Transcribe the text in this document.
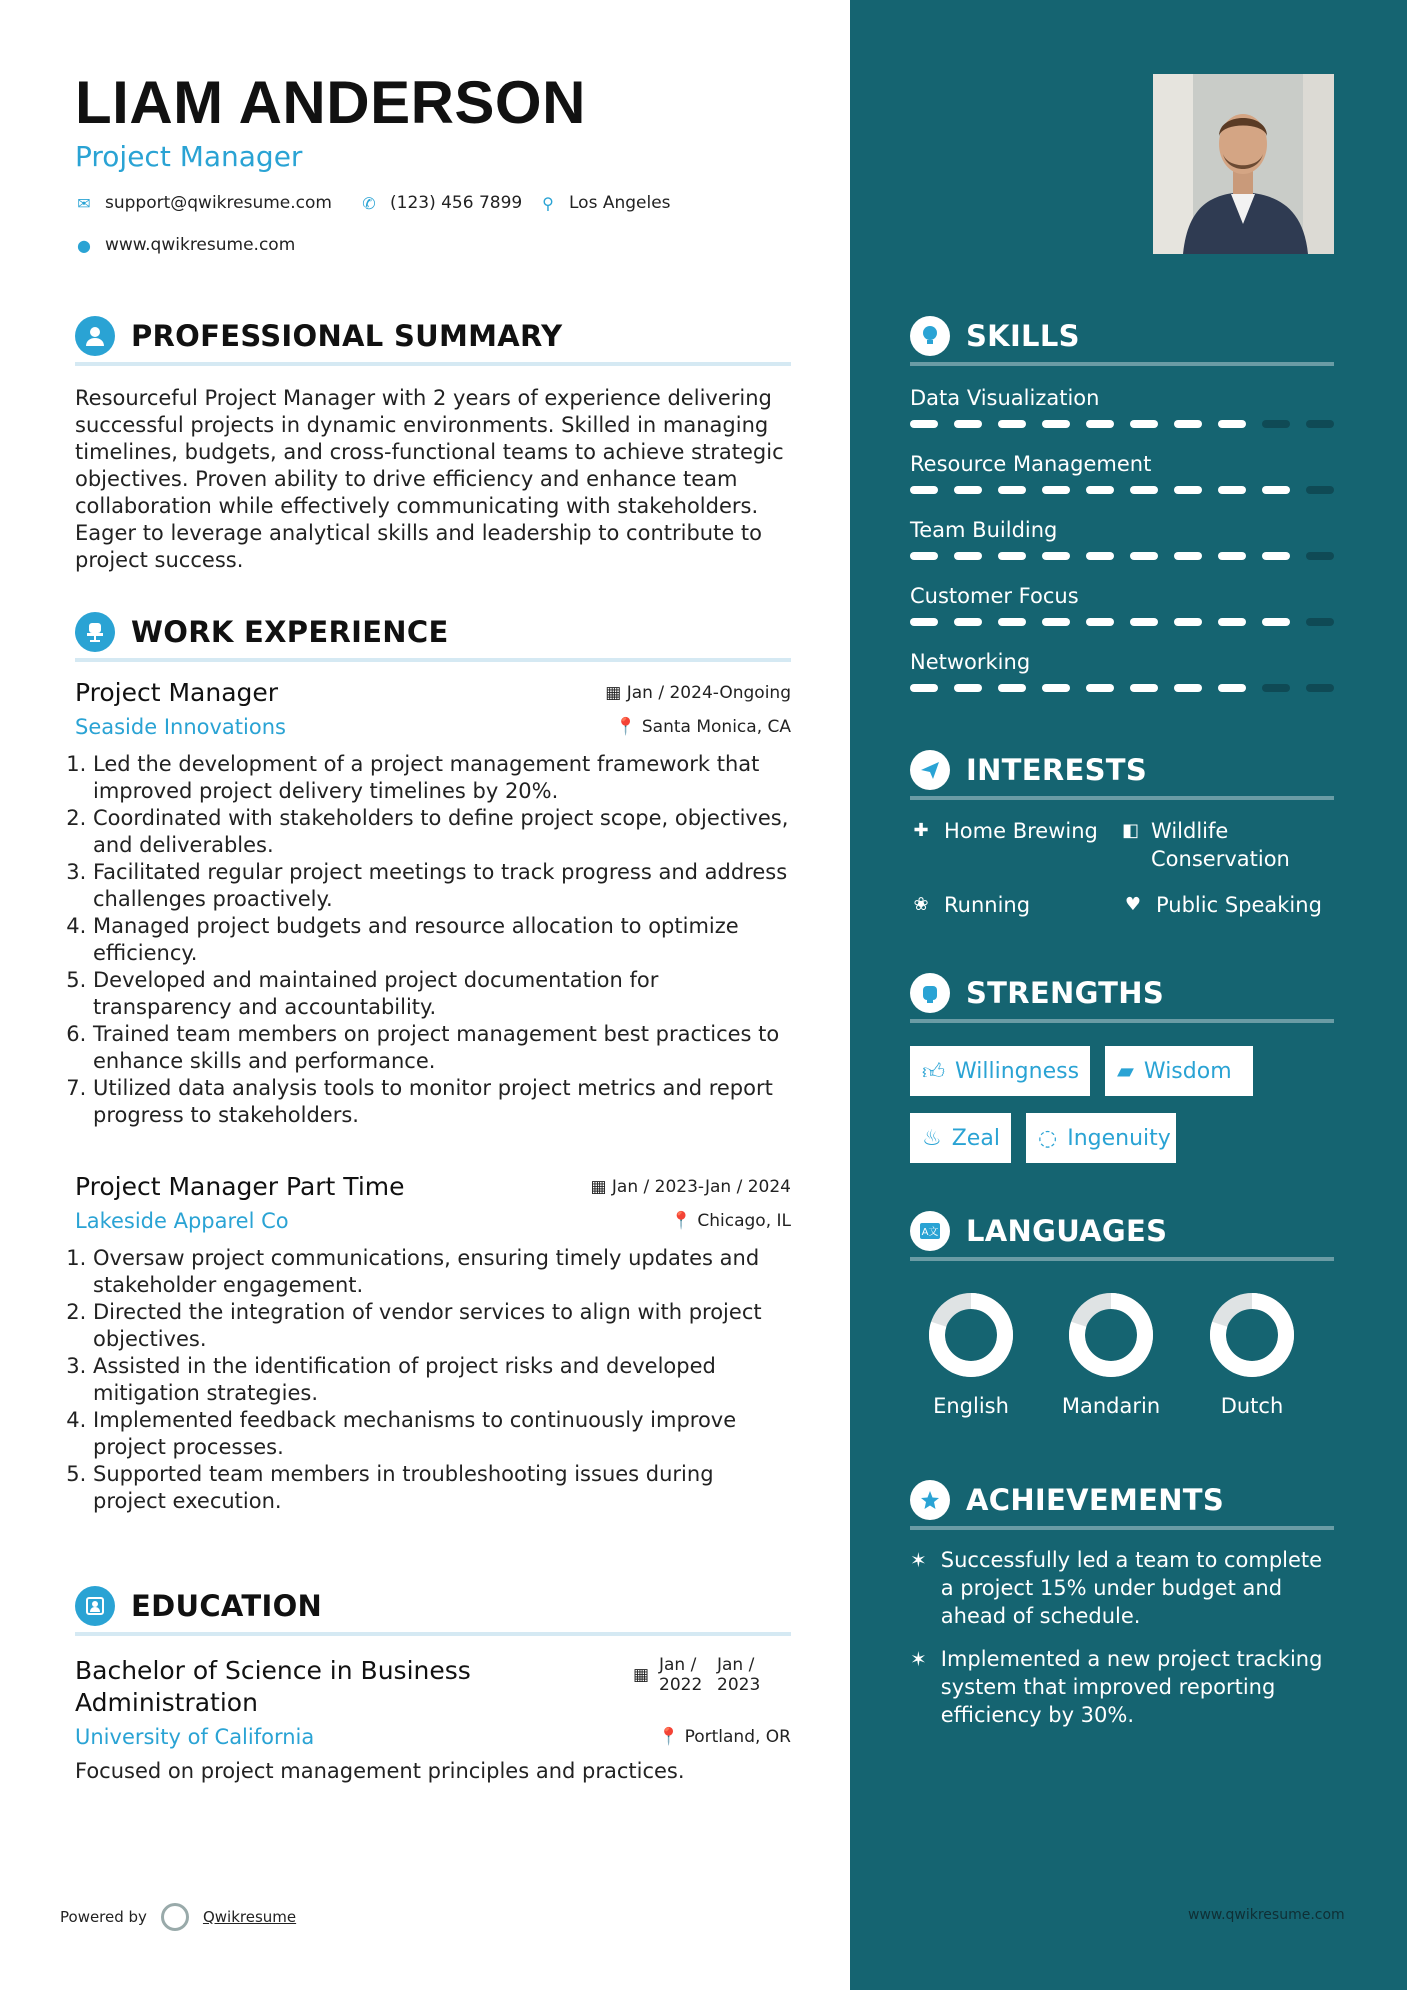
LIAM ANDERSON
Project Manager
✉ support@qwikresume.com ✆ (123) 456 7899 ⚲ Los Angeles
● www.qwikresume.com
PROFESSIONAL SUMMARY

Resourceful Project Manager with 2 years of experience delivering successful projects in dynamic environments. Skilled in managing timelines, budgets, and cross-functional teams to achieve strategic objectives. Proven ability to drive efficiency and enhance team collaboration while effectively communicating with stakeholders. Eager to leverage analytical skills and leadership to contribute to project success.

WORK EXPERIENCE
Project Manager	▦ Jan / 2024-Ongoing
Seaside Innovations	📍 Santa Monica, CA
1. Led the development of a project management framework that improved project delivery timelines by 20%.
2. Coordinated with stakeholders to define project scope, objectives, and deliverables.
3. Facilitated regular project meetings to track progress and address challenges proactively.
4. Managed project budgets and resource allocation to optimize efficiency.
5. Developed and maintained project documentation for transparency and accountability.
6. Trained team members on project management best practices to enhance skills and performance.
7. Utilized data analysis tools to monitor project metrics and report progress to stakeholders.
Project Manager Part Time	▦ Jan / 2023-Jan / 2024
Lakeside Apparel Co	📍 Chicago, IL
1. Oversaw project communications, ensuring timely updates and stakeholder engagement.
2. Directed the integration of vendor services to align with project objectives.
3. Assisted in the identification of project risks and developed mitigation strategies.
4. Implemented feedback mechanisms to continuously improve project processes.
5. Supported team members in troubleshooting issues during project execution.
EDUCATION
Bachelor of Science in Business Administration
▦ Jan / 2022
Jan / 2023
University of California	📍 Portland, OR
Focused on project management principles and practices.
Powered by	Qwikresume
SKILLS
Data Visualization
Resource Management
Team Building
Customer Focus
Networking
INTERESTS
✚ Home Brewing ◧ Wildlife Conservation
❀ Running	♥ Public Speaking
STRENGTHS
👍︎ Willingness ▰ Wisdom
♨ Zeal ◌ Ingenuity
A文 LANGUAGES
English	Mandarin	Dutch
ACHIEVEMENTS
✶ Successfully led a team to complete a project 15% under budget and ahead of schedule.
✶ Implemented a new project tracking system that improved reporting efficiency by 30%.
www.qwikresume.com
